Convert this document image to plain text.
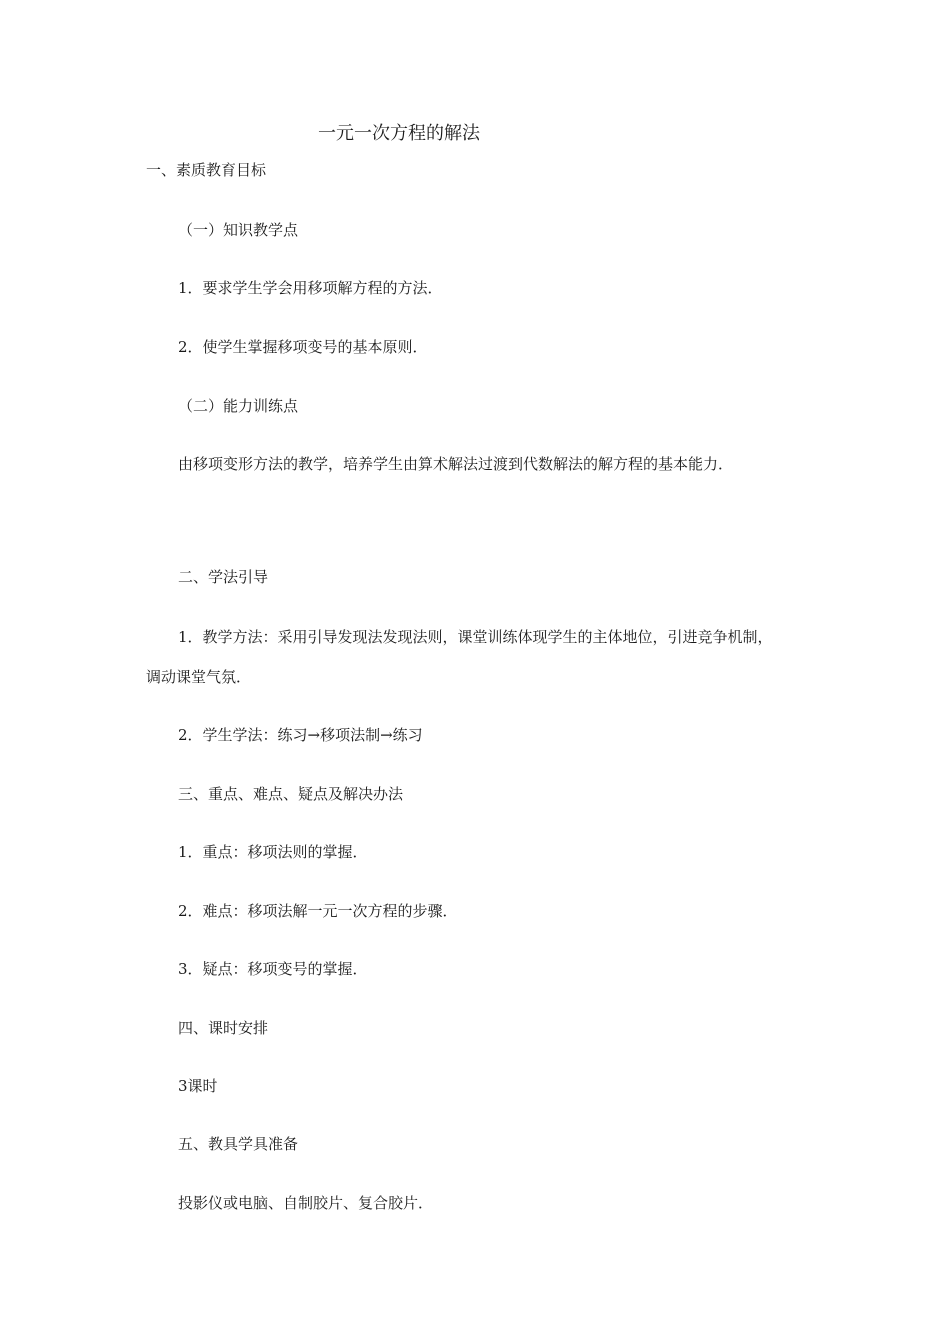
一元一次方程的解法
一、素质教育目标
（一）知识教学点
1．要求学生学会用移项解方程的方法．
2．使学生掌握移项变号的基本原则．
（二）能力训练点
由移项变形方法的教学，培养学生由算术解法过渡到代数解法的解方程的基本能力．
二、学法引导
1．教学方法：采用引导发现法发现法则，课堂训练体现学生的主体地位，引进竞争机制，
调动课堂气氛．
2．学生学法：练习→移项法制→练习
三、重点、难点、疑点及解决办法
1．重点：移项法则的掌握．
2．难点：移项法解一元一次方程的步骤．
3．疑点：移项变号的掌握．
四、课时安排
3课时
五、教具学具准备
投影仪或电脑、自制胶片、复合胶片．
